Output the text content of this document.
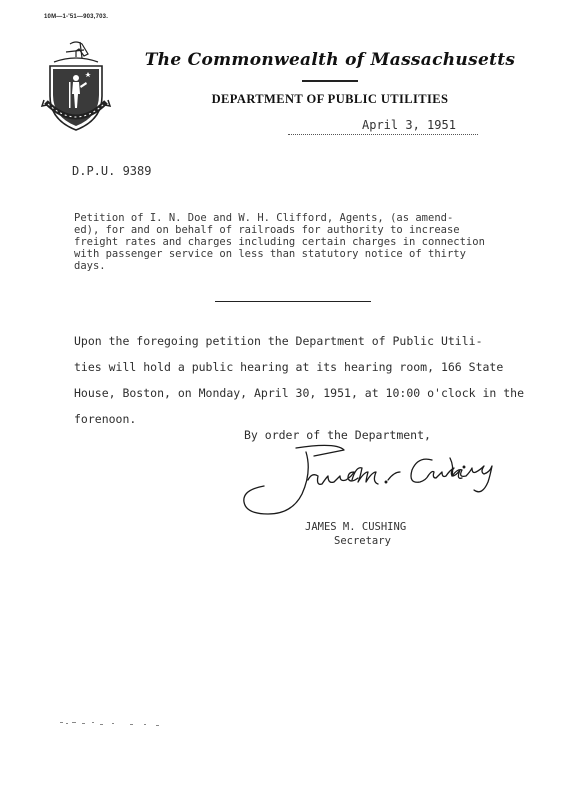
10M—1-'51—903,703.
The Commonwealth of Massachusetts
DEPARTMENT OF PUBLIC UTILITIES
April 3, 1951
D.P.U. 9389

Petition of I. N. Doe and W. H. Clifford, Agents, (as amend-
ed), for and on behalf of railroads for authority to increase
freight rates and charges including certain charges in connection
with passenger service on less than statutory notice of thirty
days.

Upon the foregoing petition the Department of Public Utili-
ties will hold a public hearing at its hearing room, 166 State
House, Boston, on Monday, April 30, 1951, at 10:00 o'clock in the
forenoon.

By order of the Department,
JAMES M. CUSHING
Secretary
